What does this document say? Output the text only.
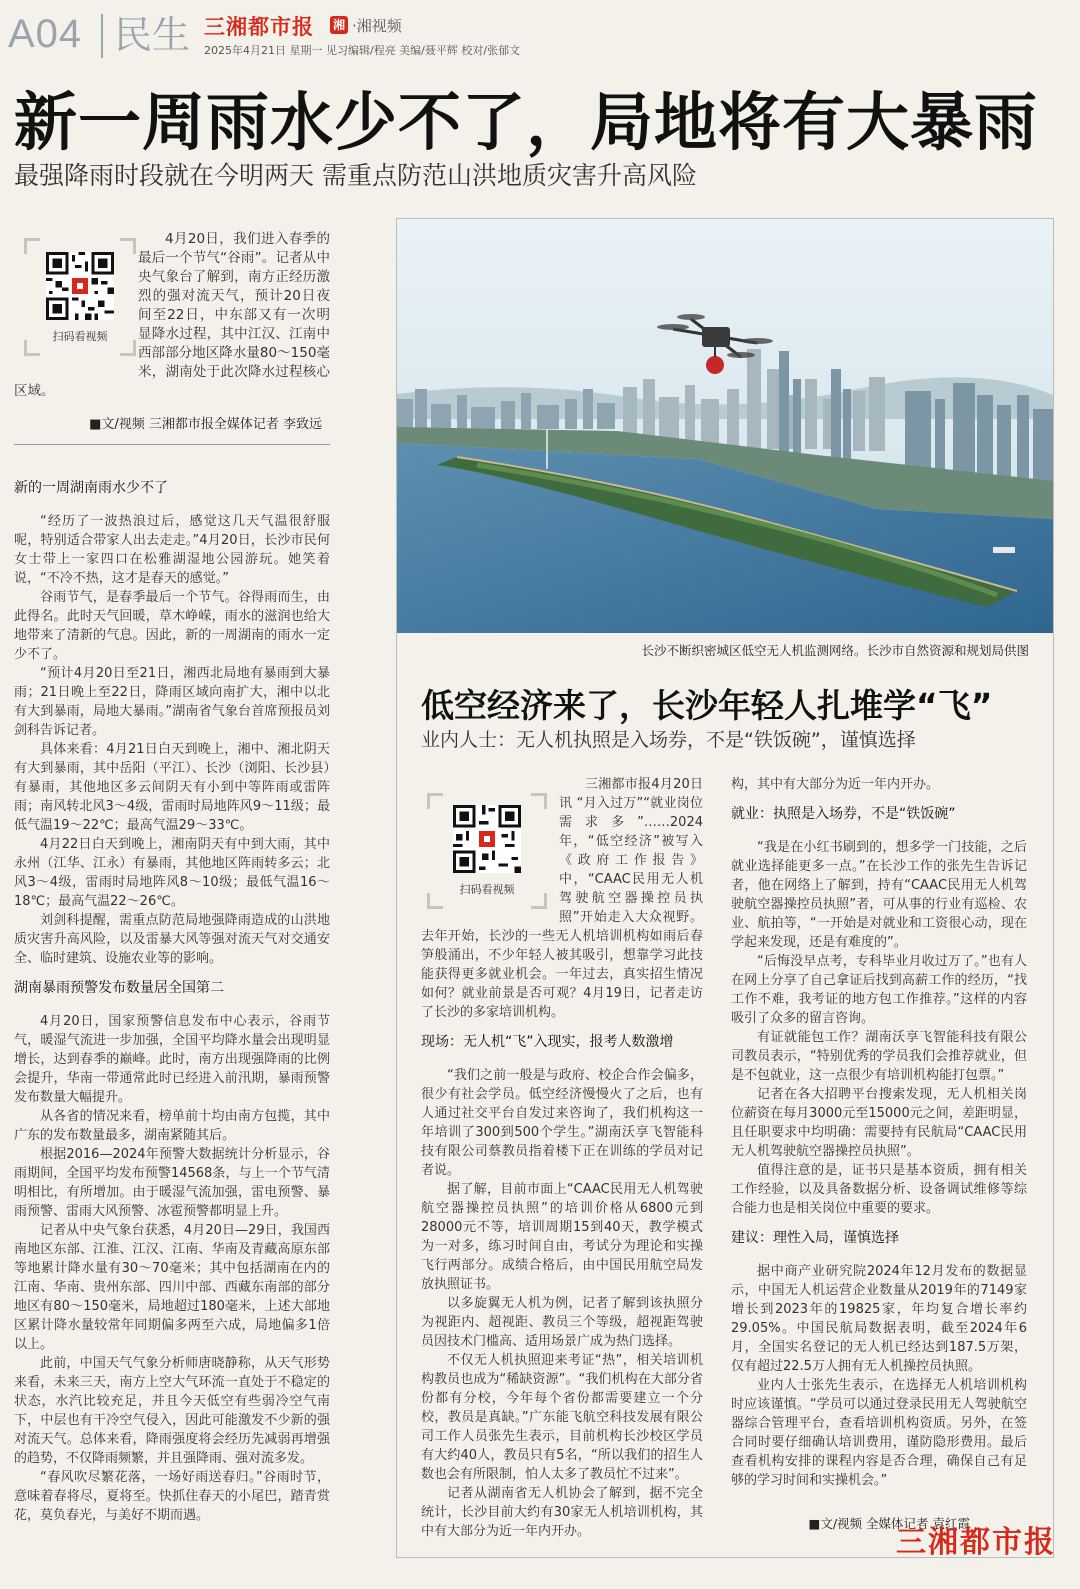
A04 民生 三湘都市报 湘 ·湘视频
2025年4月21日 星期一 见习编辑/程亮 美编/聂平辉 校对/张郁文
新一周雨水少不了，局地将有大暴雨
最强降雨时段就在今明两天 需重点防范山洪地质灾害升高风险

4月20日，我们进入春季的最后一个节气“谷雨”。记者从中央气象台了解到，南方正经历激烈的强对流天气，预计20日夜间至22日，中东部又有一次明显降水过程，其中江汉、江南中西部部分地区降水量80～150毫米，湖南处于此次降水过程核心区域。

扫码看视频
■文/视频 三湘都市报全媒体记者 李致远

新的一周湖南雨水少不了

“经历了一波热浪过后，感觉这几天气温很舒服呢，特别适合带家人出去走走。”4月20日，长沙市民何女士带上一家四口在松雅湖湿地公园游玩。她笑着说，“不冷不热，这才是春天的感觉。”

谷雨节气，是春季最后一个节气。谷得雨而生，由此得名。此时天气回暖，草木峥嵘，雨水的滋润也给大地带来了清新的气息。因此，新的一周湖南的雨水一定少不了。

“预计4月20日至21日，湘西北局地有暴雨到大暴雨；21日晚上至22日，降雨区域向南扩大，湘中以北有大到暴雨，局地大暴雨。”湖南省气象台首席预报员刘剑科告诉记者。

具体来看：4月21日白天到晚上，湘中、湘北阴天有大到暴雨，其中岳阳（平江）、长沙（浏阳、长沙县）有暴雨，其他地区多云间阴天有小到中等阵雨或雷阵雨；南风转北风3～4级，雷雨时局地阵风9～11级；最低气温19～22℃；最高气温29～33℃。

4月22日白天到晚上，湘南阴天有中到大雨，其中永州（江华、江永）有暴雨，其他地区阵雨转多云；北风3～4级，雷雨时局地阵风8～10级；最低气温16～18℃；最高气温22～26℃。

刘剑科提醒，需重点防范局地强降雨造成的山洪地质灾害升高风险，以及雷暴大风等强对流天气对交通安全、临时建筑、设施农业等的影响。

湖南暴雨预警发布数量居全国第二

4月20日，国家预警信息发布中心表示，谷雨节气，暖湿气流进一步加强，全国平均降水量会出现明显增长，达到春季的巅峰。此时，南方出现强降雨的比例会提升，华南一带通常此时已经进入前汛期，暴雨预警发布数量大幅提升。

从各省的情况来看，榜单前十均由南方包揽，其中广东的发布数量最多，湖南紧随其后。

根据2016—2024年预警大数据统计分析显示，谷雨期间，全国平均发布预警14568条，与上一个节气清明相比，有所增加。由于暖湿气流加强，雷电预警、暴雨预警、雷雨大风预警、冰雹预警都明显上升。

记者从中央气象台获悉，4月20日—29日，我国西南地区东部、江淮、江汉、江南、华南及青藏高原东部等地累计降水量有30～70毫米；其中包括湖南在内的江南、华南、贵州东部、四川中部、西藏东南部的部分地区有80～150毫米，局地超过180毫米，上述大部地区累计降水量较常年同期偏多两至六成，局地偏多1倍以上。

此前，中国天气气象分析师唐晓静称，从天气形势来看，未来三天，南方上空大气环流一直处于不稳定的状态，水汽比较充足，并且今天低空有些弱冷空气南下，中层也有干冷空气侵入，因此可能激发不少新的强对流天气。总体来看，降雨强度将会经历先减弱再增强的趋势，不仅降雨频繁，并且强降雨、强对流多发。

“春风吹尽繁花落，一场好雨送春归。”谷雨时节，意味着春将尽，夏将至。快抓住春天的小尾巴，踏青赏花，莫负春光，与美好不期而遇。

长沙不断织密城区低空无人机监测网络。长沙市自然资源和规划局供图
低空经济来了，长沙年轻人扎堆学“飞”
业内人士：无人机执照是入场券，不是“铁饭碗”，谨慎选择

三湘都市报4月20日讯 “月入过万”“就业岗位需求多”……2024年，“低空经济”被写入《政府工作报告》中，“CAAC民用无人机驾驶航空器操控员执照”开始走入大众视野。去年开始，长沙的一些无人机培训机构如雨后春笋般涌出，不少年轻人被其吸引，想靠学习此技能获得更多就业机会。一年过去，真实招生情况如何？就业前景是否可观？4月19日，记者走访了长沙的多家培训机构。

现场：无人机“飞”入现实，报考人数激增

“我们之前一般是与政府、校企合作会偏多，很少有社会学员。低空经济慢慢火了之后，也有人通过社交平台自发过来咨询了，我们机构这一年培训了300到500个学生。”湖南沃享飞智能科技有限公司蔡教员指着楼下正在训练的学员对记者说。

据了解，目前市面上“CAAC民用无人机驾驶航空器操控员执照”的培训价格从6800元到28000元不等，培训周期15到40天，教学模式为一对多，练习时间自由，考试分为理论和实操飞行两部分。成绩合格后，由中国民用航空局发放执照证书。

以多旋翼无人机为例，记者了解到该执照分为视距内、超视距、教员三个等级，超视距驾驶员因技术门槛高、适用场景广成为热门选择。

不仅无人机执照迎来考证“热”，相关培训机构教员也成为“稀缺资源”。“我们机构在大部分省份都有分校，今年每个省份都需要建立一个分校，教员是真缺。”广东能飞航空科技发展有限公司工作人员张先生表示，目前机构长沙校区学员有大约40人，教员只有5名，“所以我们的招生人数也会有所限制，怕人太多了教员忙不过来”。

记者从湖南省无人机协会了解到，据不完全统计，长沙目前大约有30家无人机培训机构，其中有大部分为近一年内开办。

扫码看视频

构，其中有大部分为近一年内开办。

就业：执照是入场券，不是“铁饭碗”

“我是在小红书刷到的，想多学一门技能，之后就业选择能更多一点。”在长沙工作的张先生告诉记者，他在网络上了解到，持有“CAAC民用无人机驾驶航空器操控员执照”者，可从事的行业有巡检、农业、航拍等，“一开始是对就业和工资很心动，现在学起来发现，还是有难度的”。

“后悔没早点考，专科毕业月收过万了。”也有人在网上分享了自己拿证后找到高薪工作的经历，“找工作不难，我考证的地方包工作推荐。”这样的内容吸引了众多的留言咨询。

有证就能包工作？湖南沃享飞智能科技有限公司教员表示，“特别优秀的学员我们会推荐就业，但是不包就业，这一点很少有培训机构能打包票。”

记者在各大招聘平台搜索发现，无人机相关岗位薪资在每月3000元至15000元之间，差距明显，且任职要求中均明确：需要持有民航局“CAAC民用无人机驾驶航空器操控员执照”。

值得注意的是，证书只是基本资质，拥有相关工作经验，以及具备数据分析、设备调试维修等综合能力也是相关岗位中重要的要求。

建议：理性入局，谨慎选择

据中商产业研究院2024年12月发布的数据显示，中国无人机运营企业数量从2019年的7149家增长到2023年的19825家，年均复合增长率约29.05%。中国民航局数据表明，截至2024年6月，全国实名登记的无人机已经达到187.5万架，仅有超过22.5万人拥有无人机操控员执照。

业内人士张先生表示，在选择无人机培训机构时应该谨慎。“学员可以通过登录民用无人驾驶航空器综合管理平台，查看培训机构资质。另外，在签合同时要仔细确认培训费用，谨防隐形费用。最后查看机构安排的课程内容是否合理，确保自己有足够的学习时间和实操机会。”

■文/视频 全媒体记者 袁红霞
三湘都市报
